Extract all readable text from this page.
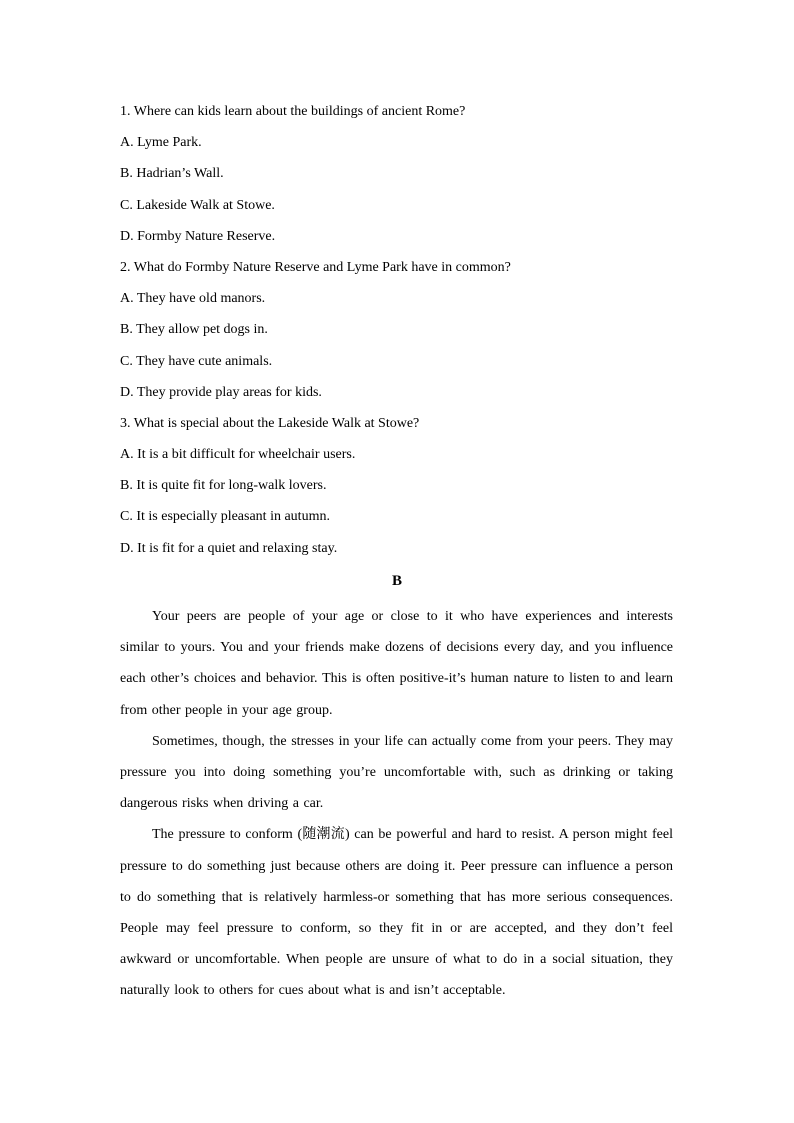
1. Where can kids learn about the buildings of ancient Rome?

A. Lyme Park.

B. Hadrian’s Wall.

C. Lakeside Walk at Stowe.

D. Formby Nature Reserve.

2. What do Formby Nature Reserve and Lyme Park have in common?

A. They have old manors.

B. They allow pet dogs in.

C. They have cute animals.

D. They provide play areas for kids.

3. What is special about the Lakeside Walk at Stowe?

A. It is a bit difficult for wheelchair users.

B. It is quite fit for long-walk lovers.

C. It is especially pleasant in autumn.

D. It is fit for a quiet and relaxing stay.

B

Your peers are people of your age or close to it who have experiences and interests similar to yours. You and your friends make dozens of decisions every day, and you influence each other’s choices and behavior. This is often positive-it’s human nature to listen to and learn from other people in your age group.

Sometimes, though, the stresses in your life can actually come from your peers. They may pressure you into doing something you’re uncomfortable with, such as drinking or taking dangerous risks when driving a car.

The pressure to conform (随潮流) can be powerful and hard to resist. A person might feel pressure to do something just because others are doing it. Peer pressure can influence a person to do something that is relatively harmless-or something that has more serious consequences. People may feel pressure to conform, so they fit in or are accepted, and they don’t feel awkward or uncomfortable. When people are unsure of what to do in a social situation, they naturally look to others for cues about what is and isn’t acceptable.
